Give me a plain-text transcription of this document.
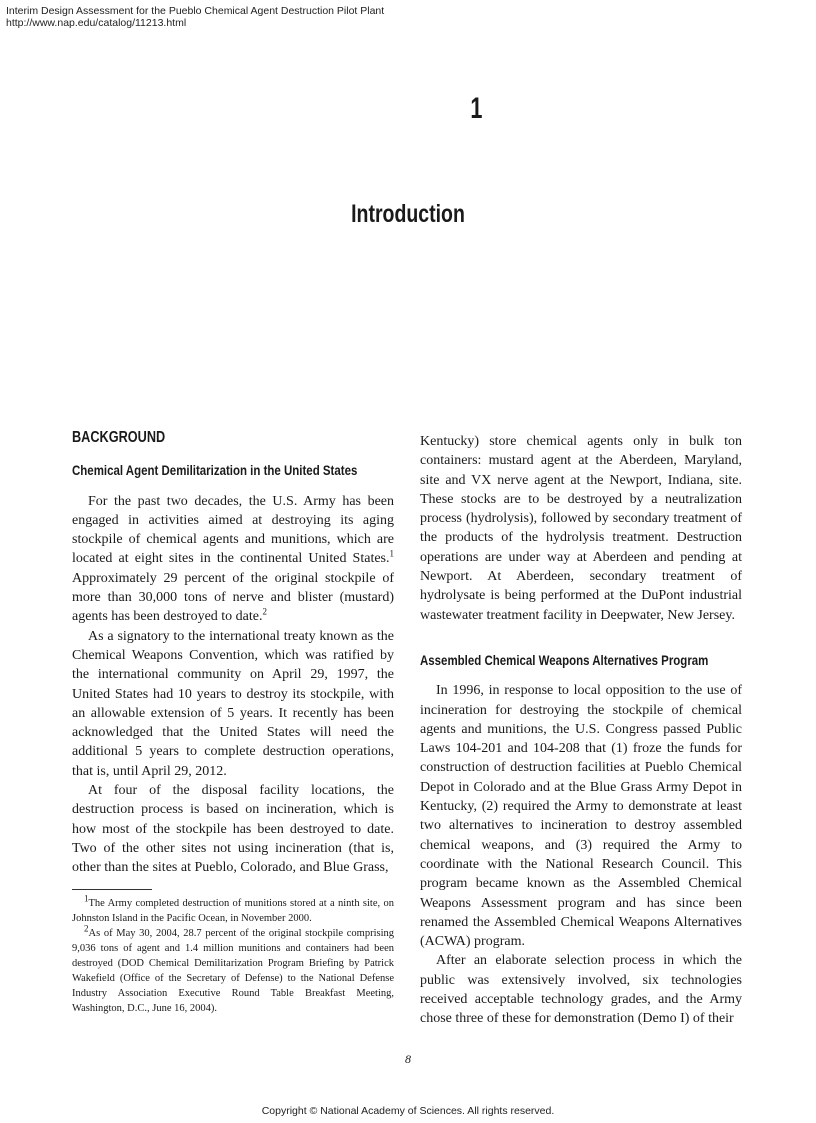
Interim Design Assessment for the Pueblo Chemical Agent Destruction Pilot Plant
http://www.nap.edu/catalog/11213.html
1
Introduction
BACKGROUND
Chemical Agent Demilitarization in the United States

For the past two decades, the U.S. Army has been engaged in activities aimed at destroying its aging stockpile of chemical agents and munitions, which are located at eight sites in the continental United States.$^1$ Approximately 29 percent of the original stockpile of more than 30,000 tons of nerve and blister (mustard) agents has been destroyed to date.$^2$

As a signatory to the international treaty known as the Chemical Weapons Convention, which was ratified by the international community on April 29, 1997, the United States had 10 years to destroy its stockpile, with an allowable extension of 5 years. It recently has been acknowledged that the United States will need the additional 5 years to complete destruction operations, that is, until April 29, 2012.

At four of the disposal facility locations, the destruction process is based on incineration, which is how most of the stockpile has been destroyed to date. Two of the other sites not using incineration (that is, other than the sites at Pueblo, Colorado, and Blue Grass,

$^1$The Army completed destruction of munitions stored at a ninth site, on Johnston Island in the Pacific Ocean, in November 2000.

$^2$As of May 30, 2004, 28.7 percent of the original stockpile comprising 9,036 tons of agent and 1.4 million munitions and containers had been destroyed (DOD Chemical Demilitarization Program Briefing by Patrick Wakefield (Office of the Secretary of Defense) to the National Defense Industry Association Executive Round Table Breakfast Meeting, Washington, D.C., June 16, 2004).

Kentucky) store chemical agents only in bulk ton containers: mustard agent at the Aberdeen, Maryland, site and VX nerve agent at the Newport, Indiana, site. These stocks are to be destroyed by a neutralization process (hydrolysis), followed by secondary treatment of the products of the hydrolysis treatment. Destruction operations are under way at Aberdeen and pending at Newport. At Aberdeen, secondary treatment of hydrolysate is being performed at the DuPont industrial wastewater treatment facility in Deepwater, New Jersey.

Assembled Chemical Weapons Alternatives Program

In 1996, in response to local opposition to the use of incineration for destroying the stockpile of chemical agents and munitions, the U.S. Congress passed Public Laws 104-201 and 104-208 that (1) froze the funds for construction of destruction facilities at Pueblo Chemical Depot in Colorado and at the Blue Grass Army Depot in Kentucky, (2) required the Army to demonstrate at least two alternatives to incineration to destroy assembled chemical weapons, and (3) required the Army to coordinate with the National Research Council. This program became known as the Assembled Chemical Weapons Assessment program and has since been renamed the Assembled Chemical Weapons Alternatives (ACWA) program.

After an elaborate selection process in which the public was extensively involved, six technologies received acceptable technology grades, and the Army chose three of these for demonstration (Demo I) of their

8
Copyright © National Academy of Sciences. All rights reserved.
